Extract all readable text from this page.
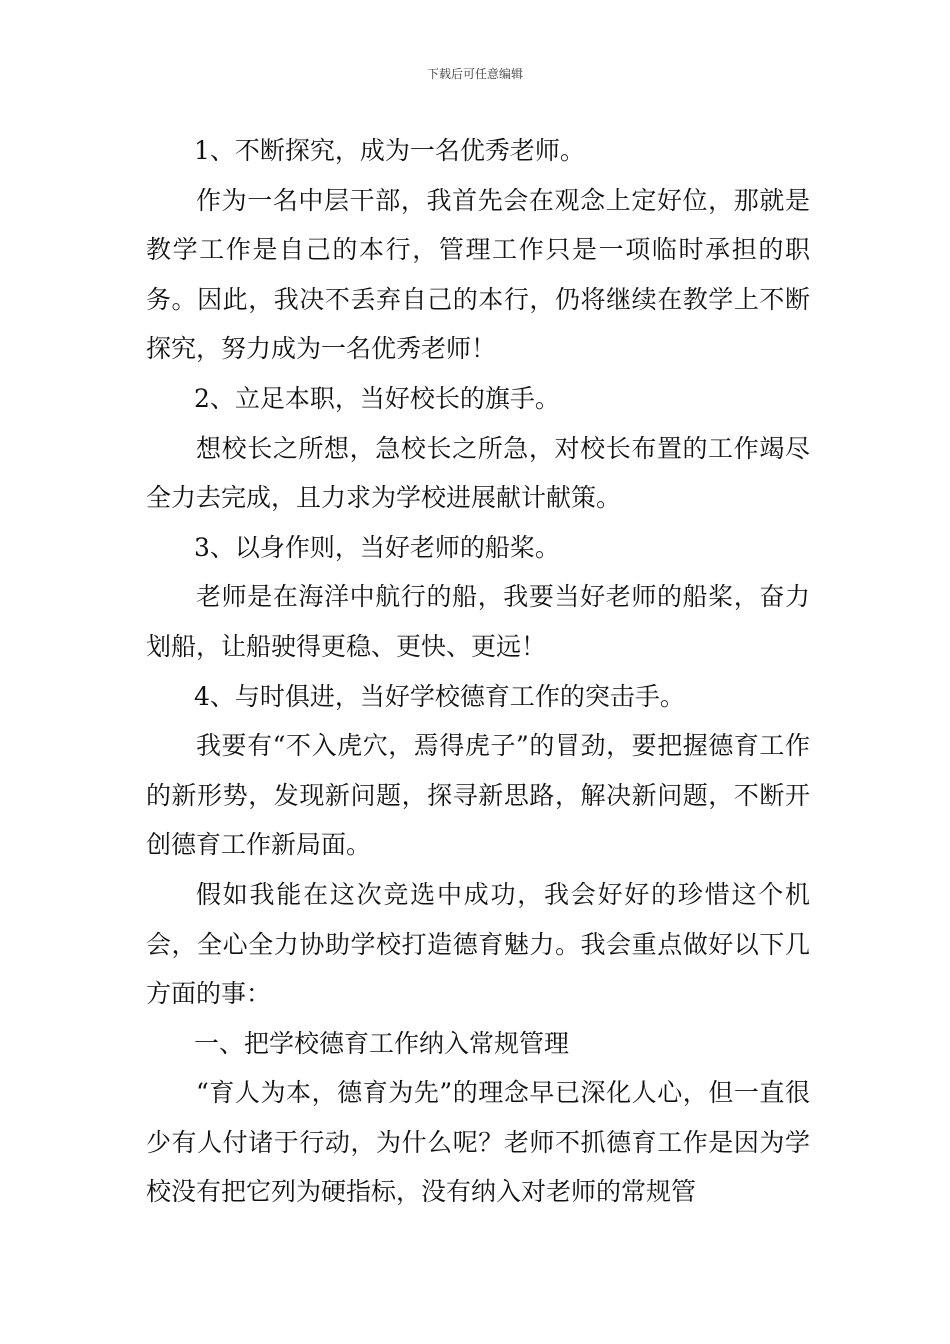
下载后可任意编辑

1、不断探究，成为一名优秀老师。

作为一名中层干部，我首先会在观念上定好位，那就是教学工作是自己的本行，管理工作只是一项临时承担的职务。因此，我决不丢弃自己的本行，仍将继续在教学上不断探究，努力成为一名优秀老师！

2、立足本职，当好校长的旗手。

想校长之所想，急校长之所急，对校长布置的工作竭尽全力去完成，且力求为学校进展献计献策。

3、以身作则，当好老师的船桨。

老师是在海洋中航行的船，我要当好老师的船桨，奋力划船，让船驶得更稳、更快、更远！

4、与时俱进，当好学校德育工作的突击手。

我要有“不入虎穴，焉得虎子”的冒劲，要把握德育工作的新形势，发现新问题，探寻新思路，解决新问题，不断开创德育工作新局面。

假如我能在这次竞选中成功，我会好好的珍惜这个机会，全心全力协助学校打造德育魅力。我会重点做好以下几方面的事：

一、把学校德育工作纳入常规管理

“育人为本，德育为先”的理念早已深化人心，但一直很少有人付诸于行动，为什么呢？老师不抓德育工作是因为学校没有把它列为硬指标，没有纳入对老师的常规管
